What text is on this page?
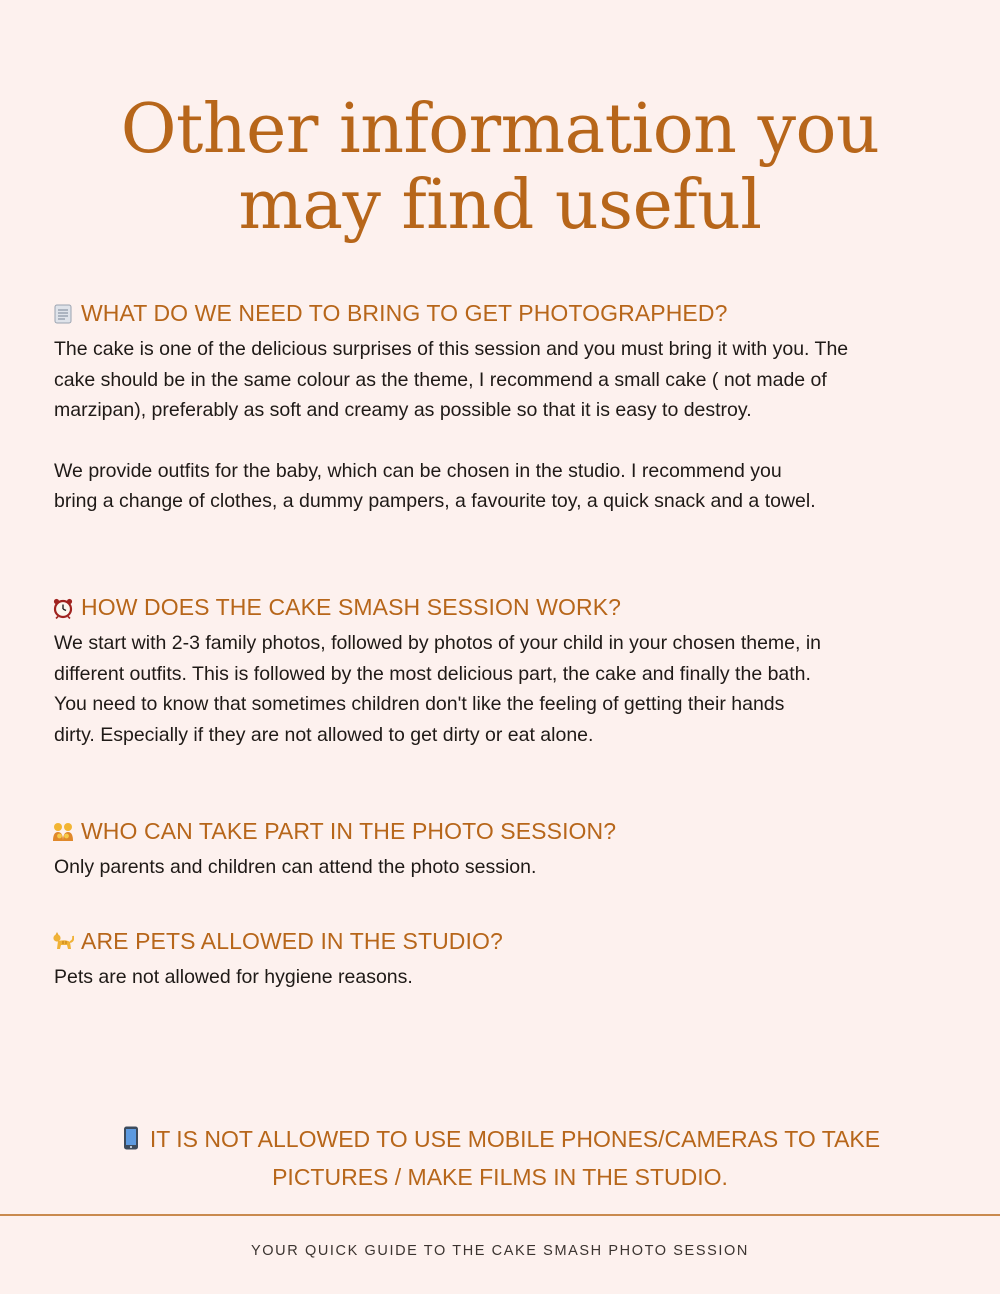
Other information you
may find useful
WHAT DO WE NEED TO BRING TO GET PHOTOGRAPHED?

The cake is one of the delicious surprises of this session and you must bring it with you. The
cake should be in the same colour as the theme, I recommend a small cake ( not made of
marzipan), preferably as soft and creamy as possible so that it is easy to destroy.

We provide outfits for the baby, which can be chosen in the studio. I recommend you
bring a change of clothes, a dummy pampers, a favourite toy, a quick snack and a towel.

HOW DOES THE CAKE SMASH SESSION WORK?

We start with 2-3 family photos, followed by photos of your child in your chosen theme, in
different outfits. This is followed by the most delicious part, the cake and finally the bath.
You need to know that sometimes children don't like the feeling of getting their hands
dirty. Especially if they are not allowed to get dirty or eat alone.

WHO CAN TAKE PART IN THE PHOTO SESSION?

Only parents and children can attend the photo session.

ARE PETS ALLOWED IN THE STUDIO?

Pets are not allowed for hygiene reasons.

IT IS NOT ALLOWED TO USE MOBILE PHONES/CAMERAS TO TAKE
PICTURES / MAKE FILMS IN THE STUDIO.
YOUR QUICK GUIDE TO THE CAKE SMASH PHOTO SESSION
